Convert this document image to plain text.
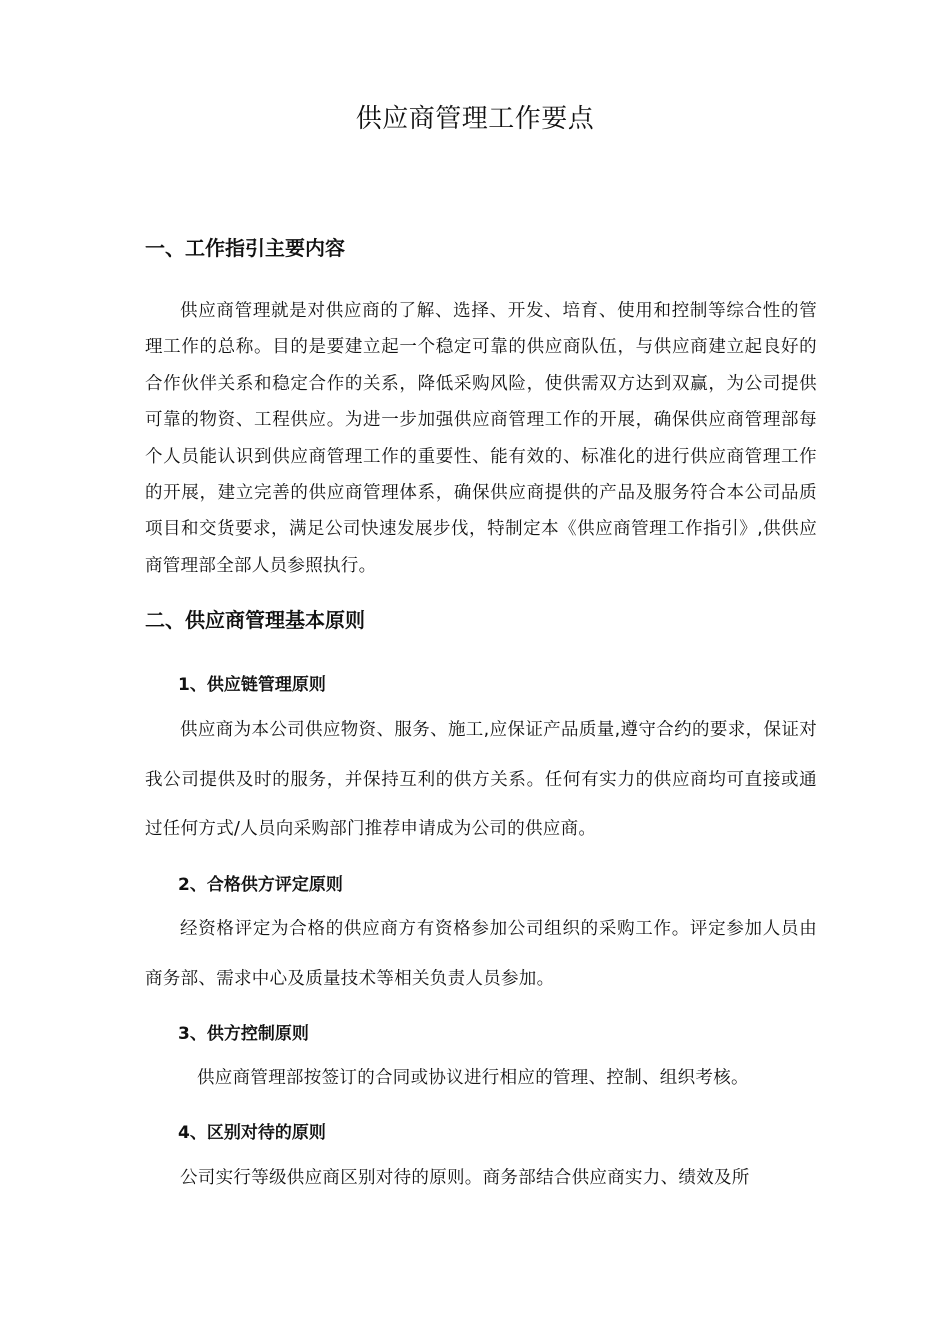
供应商管理工作要点
一、工作指引主要内容
供应商管理就是对供应商的了解、选择、开发、培育、使用和控制等综合性的管理工作的总称。目的是要建立起一个稳定可靠的供应商队伍，与供应商建立起良好的合作伙伴关系和稳定合作的关系，降低采购风险，使供需双方达到双赢，为公司提供可靠的物资、工程供应。为进一步加强供应商管理工作的开展，确保供应商管理部每个人员能认识到供应商管理工作的重要性、能有效的、标准化的进行供应商管理工作的开展，建立完善的供应商管理体系，确保供应商提供的产品及服务符合本公司品质项目和交货要求，满足公司快速发展步伐，特制定本《供应商管理工作指引》,供供应商管理部全部人员参照执行。
二、供应商管理基本原则
1、供应链管理原则
供应商为本公司供应物资、服务、施工,应保证产品质量,遵守合约的要求，保证对我公司提供及时的服务，并保持互利的供方关系。任何有实力的供应商均可直接或通过任何方式/人员向采购部门推荐申请成为公司的供应商。
2、合格供方评定原则
经资格评定为合格的供应商方有资格参加公司组织的采购工作。评定参加人员由商务部、需求中心及质量技术等相关负责人员参加。
3、供方控制原则
供应商管理部按签订的合同或协议进行相应的管理、控制、组织考核。
4、区别对待的原则
公司实行等级供应商区别对待的原则。商务部结合供应商实力、绩效及所
